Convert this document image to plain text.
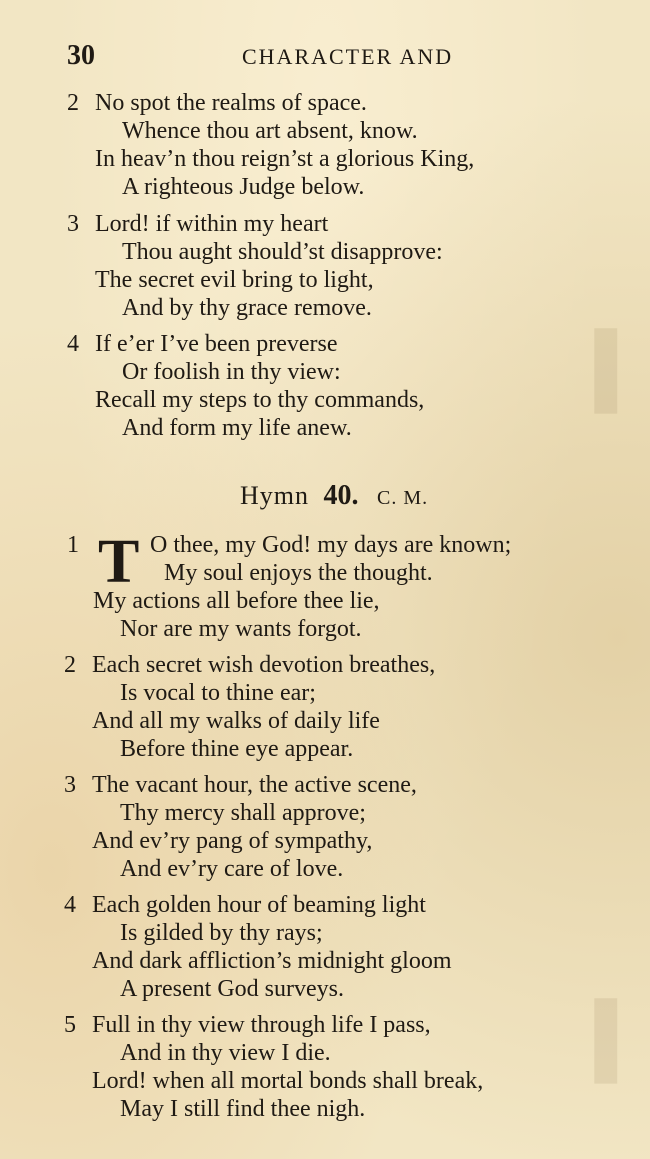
▍
▍
30	CHARACTER AND
2 No spot the realms of space.
Whence thou art absent, know.
In heav’n thou reign’st a glorious King,
A righteous Judge below.
3 Lord! if within my heart
Thou aught should’st disapprove:
The secret evil bring to light,
And by thy grace remove.
4 If e’er I’ve been preverse
Or foolish in thy view:
Recall my steps to thy commands,
And form my life anew.
Hymn 40. C. M.
1 T O thee, my God! my days are known;
My soul enjoys the thought.
My actions all before thee lie,
Nor are my wants forgot.
2 Each secret wish devotion breathes,
Is vocal to thine ear;
And all my walks of daily life
Before thine eye appear.
3 The vacant hour, the active scene,
Thy mercy shall approve;
And ev’ry pang of sympathy,
And ev’ry care of love.
4 Each golden hour of beaming light
Is gilded by thy rays;
And dark affliction’s midnight gloom
A present God surveys.
5 Full in thy view through life I pass,
And in thy view I die.
Lord! when all mortal bonds shall break,
May I still find thee nigh.
